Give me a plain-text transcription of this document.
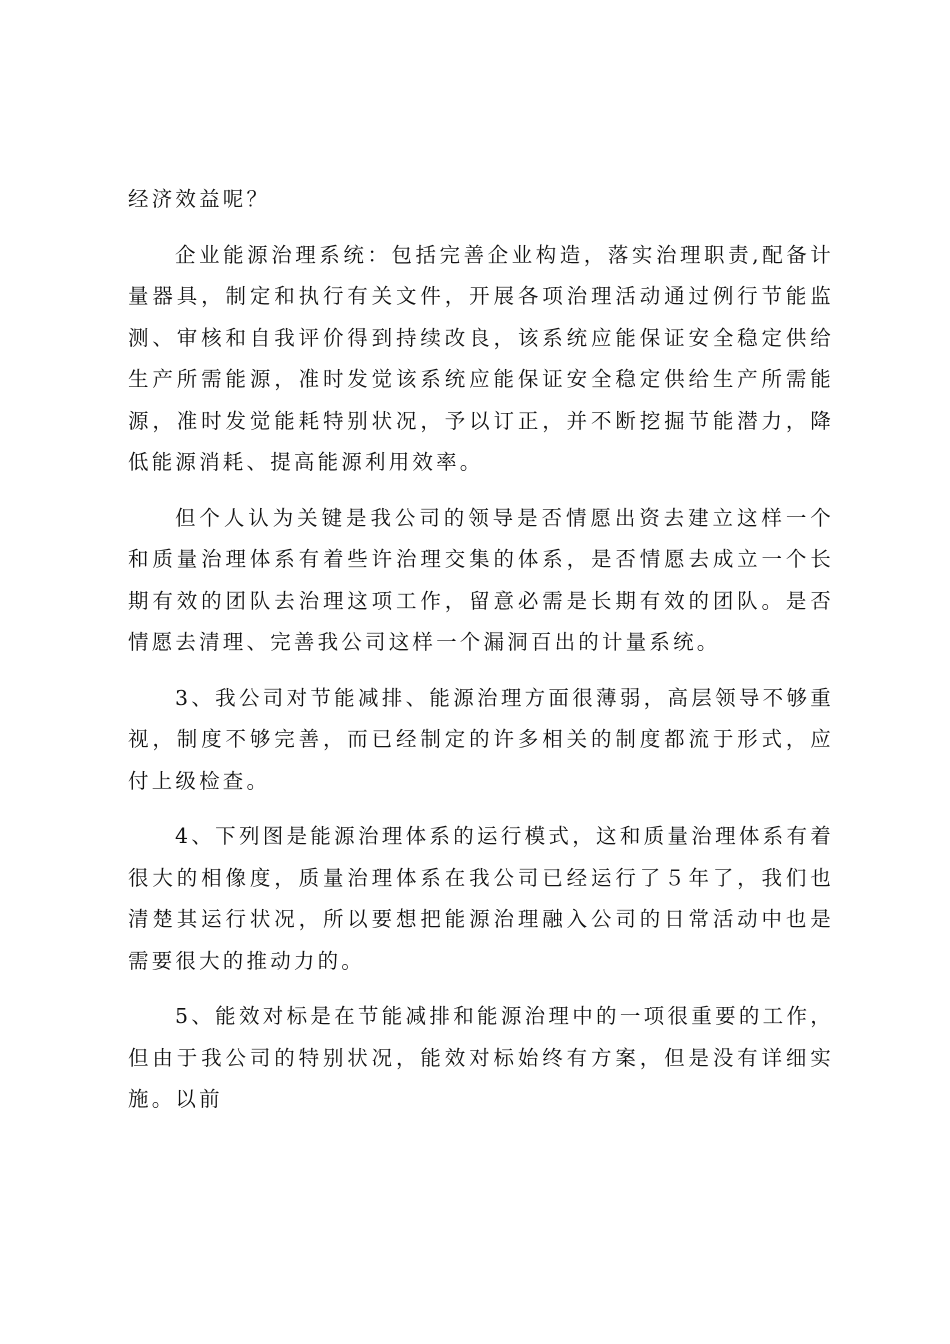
经济效益呢？

企业能源治理系统：包括完善企业构造，落实治理职责,配备计量器具，制定和执行有关文件，开展各项治理活动通过例行节能监测、审核和自我评价得到持续改良，该系统应能保证安全稳定供给生产所需能源，准时发觉该系统应能保证安全稳定供给生产所需能源，准时发觉能耗特别状况，予以订正，并不断挖掘节能潜力，降低能源消耗、提高能源利用效率。

但个人认为关键是我公司的领导是否情愿出资去建立这样一个和质量治理体系有着些许治理交集的体系，是否情愿去成立一个长期有效的团队去治理这项工作，留意必需是长期有效的团队。是否情愿去清理、完善我公司这样一个漏洞百出的计量系统。

3、我公司对节能减排、能源治理方面很薄弱，高层领导不够重视，制度不够完善，而已经制定的许多相关的制度都流于形式，应付上级检查。

4、下列图是能源治理体系的运行模式，这和质量治理体系有着很大的相像度，质量治理体系在我公司已经运行了５年了，我们也清楚其运行状况，所以要想把能源治理融入公司的日常活动中也是需要很大的推动力的。

5、能效对标是在节能减排和能源治理中的一项很重要的工作，但由于我公司的特别状况，能效对标始终有方案，但是没有详细实施。以前
